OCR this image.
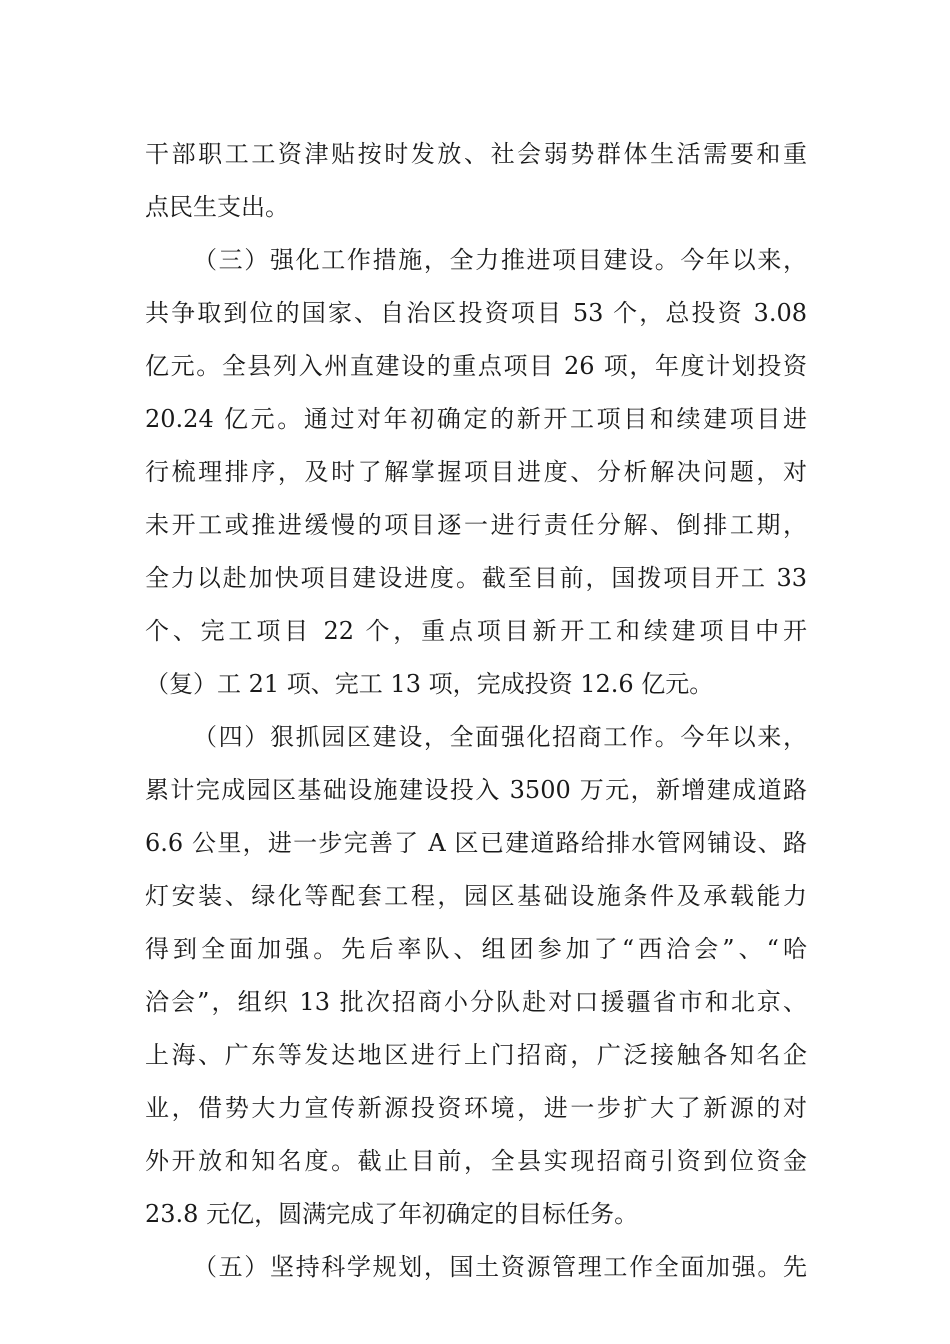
干部职工工资津贴按时发放、社会弱势群体生活需要和重
点民生支出。
（三）强化工作措施，全力推进项目建设。今年以来，
共争取到位的国家、自治区投资项目 53 个，总投资 3.08
亿元。全县列入州直建设的重点项目 26 项，年度计划投资
20.24 亿元。通过对年初确定的新开工项目和续建项目进
行梳理排序，及时了解掌握项目进度、分析解决问题，对
未开工或推进缓慢的项目逐一进行责任分解、倒排工期，
全力以赴加快项目建设进度。截至目前，国拨项目开工 33
个、完工项目 22 个，重点项目新开工和续建项目中开
（复）工 21 项、完工 13 项，完成投资 12.6 亿元。
（四）狠抓园区建设，全面强化招商工作。今年以来，
累计完成园区基础设施建设投入 3500 万元，新增建成道路
6.6 公里，进一步完善了 A 区已建道路给排水管网铺设、路
灯安装、绿化等配套工程，园区基础设施条件及承载能力
得到全面加强。先后率队、组团参加了“西洽会”、“哈
洽会”，组织 13 批次招商小分队赴对口援疆省市和北京、
上海、广东等发达地区进行上门招商，广泛接触各知名企
业，借势大力宣传新源投资环境，进一步扩大了新源的对
外开放和知名度。截止目前，全县实现招商引资到位资金
23.8 元亿，圆满完成了年初确定的目标任务。
（五）坚持科学规划，国土资源管理工作全面加强。先
